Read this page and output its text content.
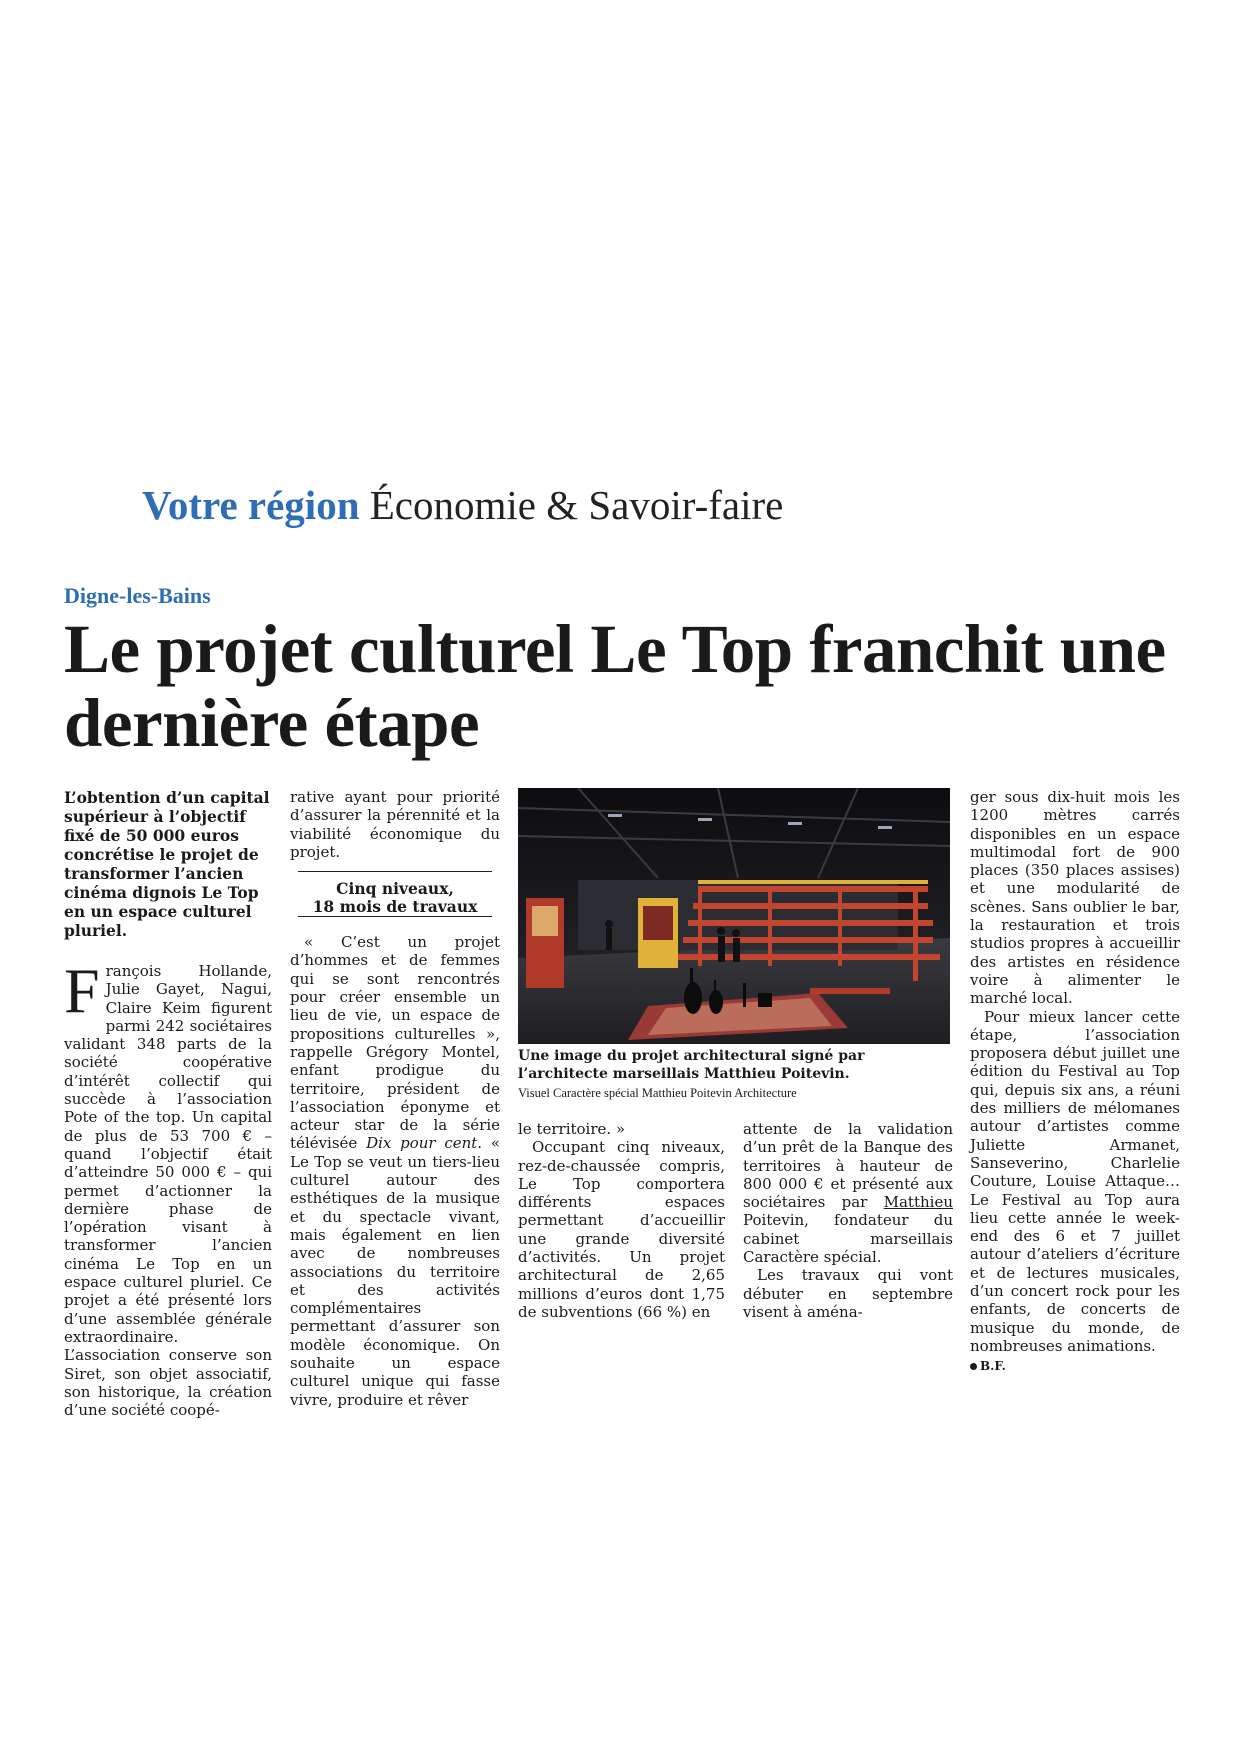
Votre région Économie & Savoir-faire
Digne-les-Bains
Le projet culturel Le Top franchit une dernière étape
L’obtention d’un capital supérieur à l’objectif fixé de 50 000 euros concrétise le projet de transformer l’ancien cinéma dignois Le Top en un espace culturel pluriel.

François Hollande, Julie Gayet, Nagui, Claire Keim figurent parmi 242 sociétaires validant 348 parts de la société coopérative d’intérêt collectif qui succède à l’association Pote of the top. Un capital de plus de 53 700 € – quand l’objectif était d’atteindre 50 000 € – qui permet d’actionner la dernière phase de l’opération visant à transformer l’ancien cinéma Le Top en un espace culturel pluriel. Ce projet a été présenté lors d’une assemblée générale extraordinaire. L’association conserve son Siret, son objet associatif, son historique, la création d’une société coopé-

rative ayant pour priorité d’assurer la pérennité et la viabilité économique du projet.

Cinq niveaux,
18 mois de travaux

« C’est un projet d’hommes et de femmes qui se sont rencontrés pour créer ensemble un lieu de vie, un espace de propositions culturelles », rappelle Grégory Montel, enfant prodigue du territoire, président de l’association éponyme et acteur star de la série télévisée Dix pour cent. « Le Top se veut un tiers-lieu culturel autour des esthétiques de la musique et du spectacle vivant, mais également en lien avec de nombreuses associations du territoire et des activités complémentaires permettant d’assurer son modèle économique. On souhaite un espace culturel unique qui fasse vivre, produire et rêver

Une image du projet architectural signé par l’architecte marseillais Matthieu Poitevin.
Visuel Caractère spécial Matthieu Poitevin Architecture

le territoire. »

Occupant cinq niveaux, rez-de-chaussée compris, Le Top comportera différents espaces permettant d’accueillir une grande diversité d’activités. Un projet architectural de 2,65 millions d’euros dont 1,75 de subventions (66 %) en

attente de la validation d’un prêt de la Banque des territoires à hauteur de 800 000 € et présenté aux sociétaires par Matthieu Poitevin, fondateur du cabinet marseillais Caractère spécial.

Les travaux qui vont débuter en septembre visent à aména-

ger sous dix-huit mois les 1200 mètres carrés disponibles en un espace multimodal fort de 900 places (350 places assises) et une modularité de scènes. Sans oublier le bar, la restauration et trois studios propres à accueillir des artistes en résidence voire à alimenter le marché local.

Pour mieux lancer cette étape, l’association proposera début juillet une édition du Festival au Top qui, depuis six ans, a réuni des milliers de mélomanes autour d’artistes comme Juliette Armanet, Sanseverino, Charlelie Couture, Louise Attaque… Le Festival au Top aura lieu cette année le week-end des 6 et 7 juillet autour d’ateliers d’écriture et de lectures musicales, d’un concert rock pour les enfants, de concerts de musique du monde, de nombreuses animations.

B.F.
